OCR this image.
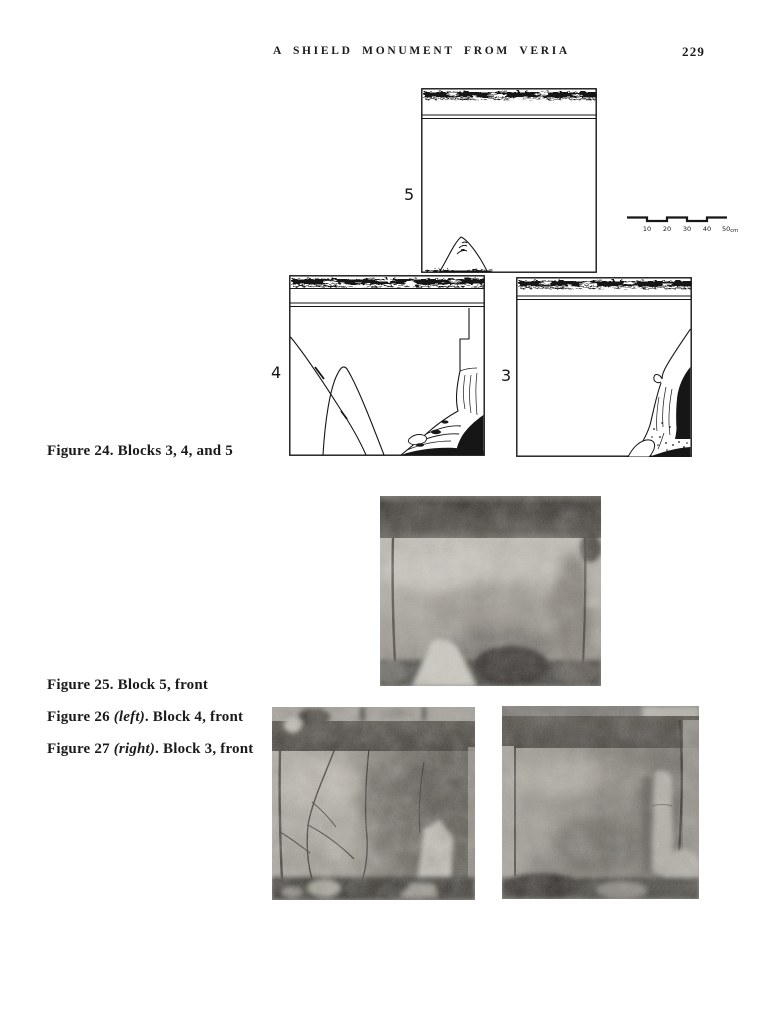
A SHIELD MONUMENT FROM VERIA	229
5
10 20 30 40 50cm
4	3
Figure 24. Blocks 3, 4, and 5
Figure 25. Block 5, front
Figure 26 (left). Block 4, front
Figure 27 (right). Block 3, front
